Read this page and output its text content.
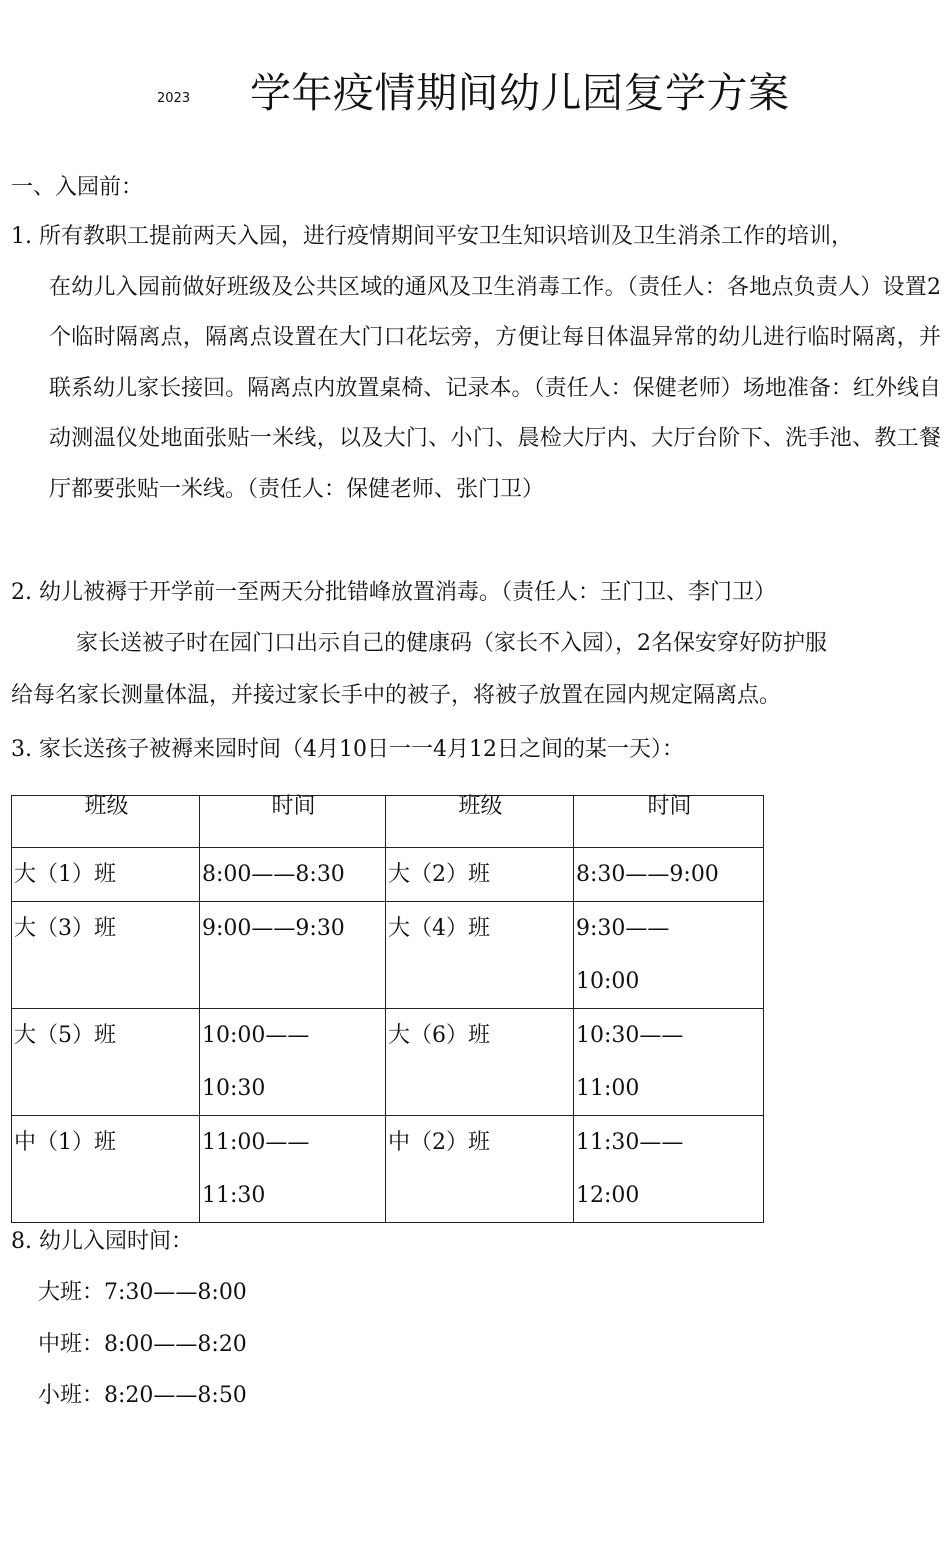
2023 学年疫情期间幼儿园复学方案
一、入园前：
1. 所有教职工提前两天入园，进行疫情期间平安卫生知识培训及卫生消杀工作的培训，
在幼儿入园前做好班级及公共区域的通风及卫生消毒工作。（责任人：各地点负责人）设置2个临时隔离点，隔离点设置在大门口花坛旁，方便让每日体温异常的幼儿进行临时隔离，并联系幼儿家长接回。隔离点内放置桌椅、记录本。（责任人：保健老师）场地准备：红外线自动测温仪处地面张贴一米线，以及大门、小门、晨检大厅内、大厅台阶下、洗手池、教工餐厅都要张贴一米线。（责任人：保健老师、张门卫）
2. 幼儿被褥于开学前一至两天分批错峰放置消毒。（责任人：王门卫、李门卫）
家长送被子时在园门口出示自己的健康码（家长不入园），2名保安穿好防护服
给每名家长测量体温，并接过家长手中的被子，将被子放置在园内规定隔离点。
3. 家长送孩子被褥来园时间（4月10日一一4月12日之间的某一天）：
班级	时间	班级	时间
大（1）班	8:00——8:30	大（2）班	8:30——9:00
大（3）班	9:00——9:30	大（4）班	9:30—— 10:00

大（5）班	10:00—— 10:30	大（6）班	10:30—— 11:00

中（1）班	11:00—— 11:30	中（2）班	11:30—— 12:00
8. 幼儿入园时间：
大班：7:30——8:00
中班：8:00——8:20
小班：8:20——8:50
